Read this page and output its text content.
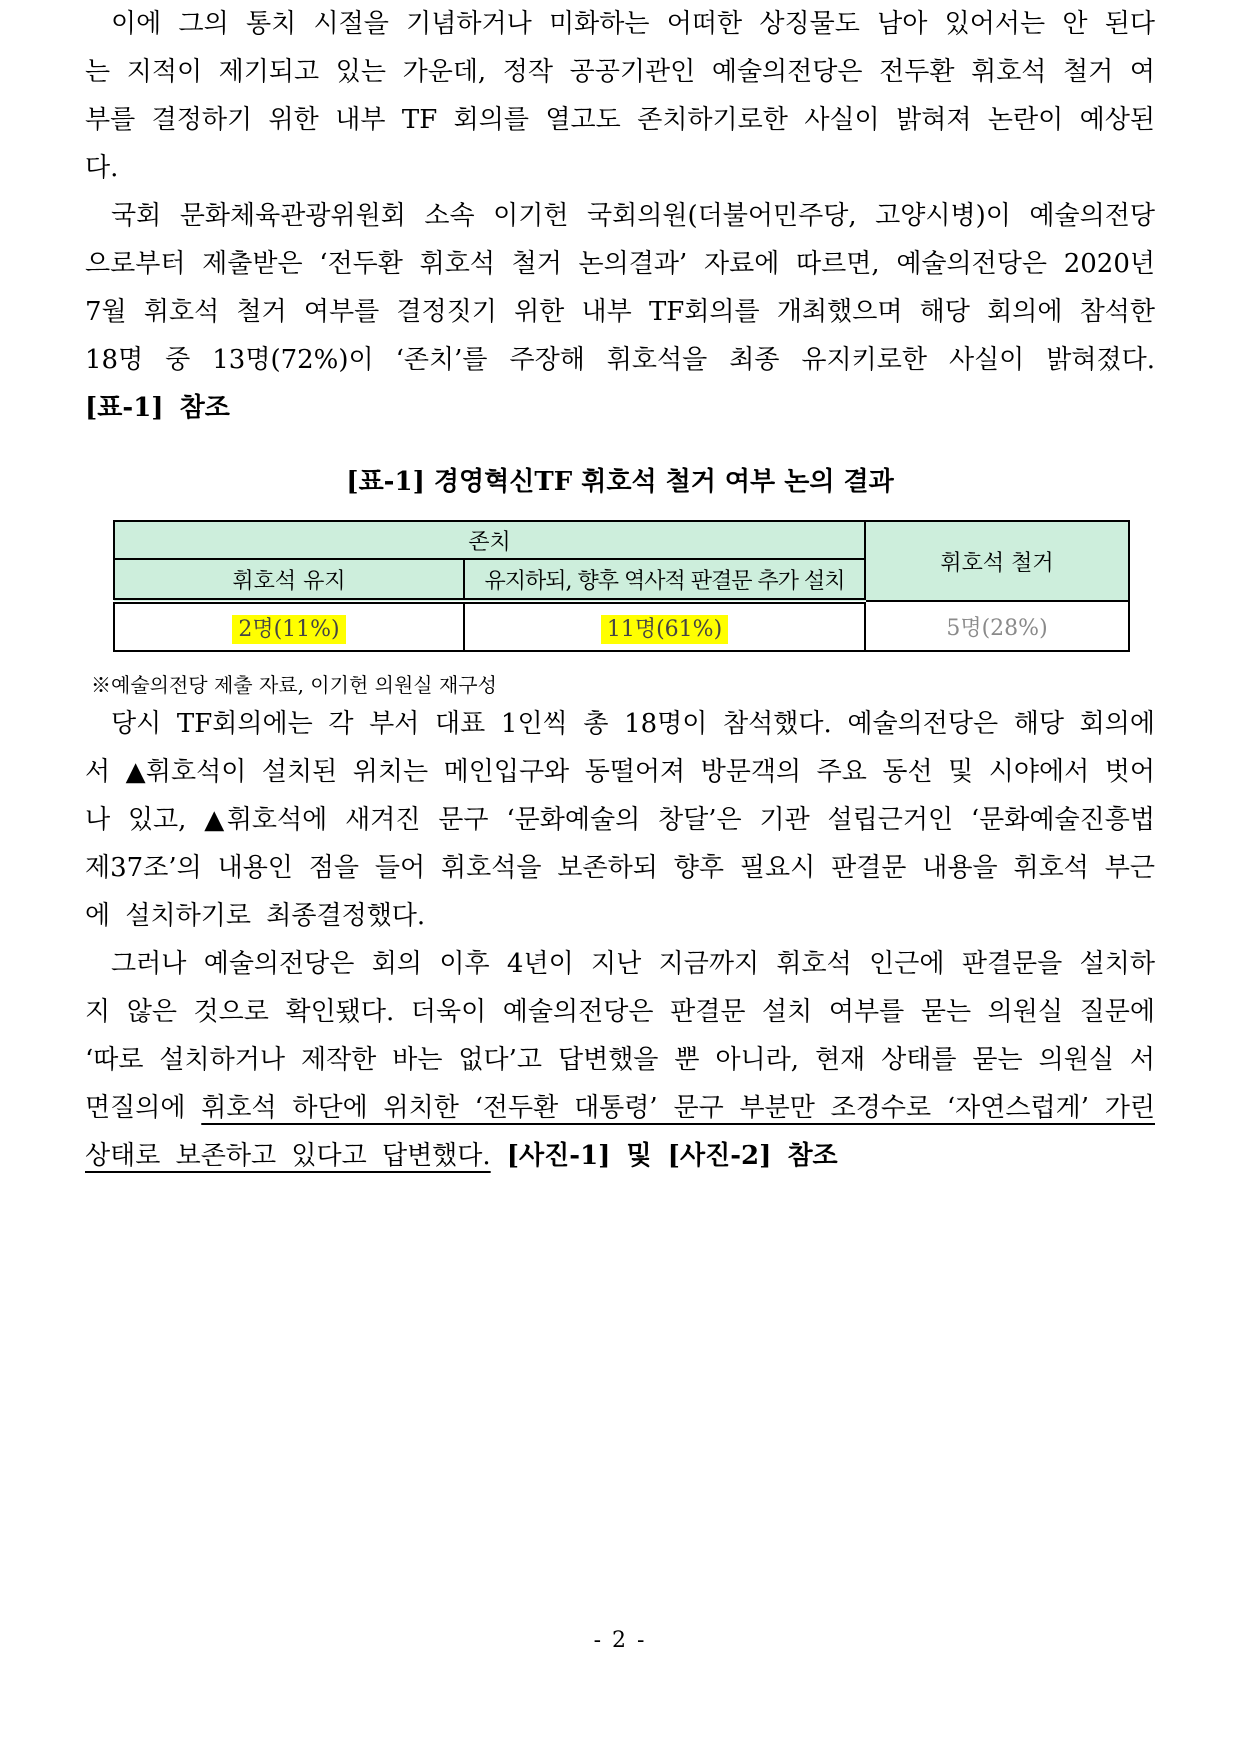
이에 그의 통치 시절을 기념하거나 미화하는 어떠한 상징물도 남아 있어서는 안 된다는 지적이 제기되고 있는 가운데, 정작 공공기관인 예술의전당은 전두환 휘호석 철거 여부를 결정하기 위한 내부 TF 회의를 열고도 존치하기로한 사실이 밝혀져 논란이 예상된다.

국회 문화체육관광위원회 소속 이기헌 국회의원(더불어민주당, 고양시병)이 예술의전당으로부터 제출받은 ‘전두환 휘호석 철거 논의결과’ 자료에 따르면, 예술의전당은 2020년 7월 휘호석 철거 여부를 결정짓기 위한 내부 TF회의를 개최했으며 해당 회의에 참석한 18명 중 13명(72%)이 ‘존치’를 주장해 휘호석을 최종 유지키로한 사실이 밝혀졌다. [표-1] 참조

[표-1] 경영혁신TF 휘호석 철거 여부 논의 결과

존치		휘호석 철거
휘호석 유지	유지하되, 향후 역사적 판결문 추가 설치	
2명(11%)	11명(61%)	5명(28%)

※예술의전당 제출 자료, 이기헌 의원실 재구성

당시 TF회의에는 각 부서 대표 1인씩 총 18명이 참석했다. 예술의전당은 해당 회의에서 ▲휘호석이 설치된 위치는 메인입구와 동떨어져 방문객의 주요 동선 및 시야에서 벗어나 있고, ▲휘호석에 새겨진 문구 ‘문화예술의 창달’은 기관 설립근거인 ‘문화예술진흥법 제37조’의 내용인 점을 들어 휘호석을 보존하되 향후 필요시 판결문 내용을 휘호석 부근에 설치하기로 최종결정했다.

그러나 예술의전당은 회의 이후 4년이 지난 지금까지 휘호석 인근에 판결문을 설치하지 않은 것으로 확인됐다. 더욱이 예술의전당은 판결문 설치 여부를 묻는 의원실 질문에 ‘따로 설치하거나 제작한 바는 없다’고 답변했을 뿐 아니라, 현재 상태를 묻는 의원실 서면질의에 휘호석 하단에 위치한 ‘전두환 대통령’ 문구 부분만 조경수로 ‘자연스럽게’ 가린 상태로 보존하고 있다고 답변했다. [사진-1] 및 [사진-2] 참조

- 2 -
